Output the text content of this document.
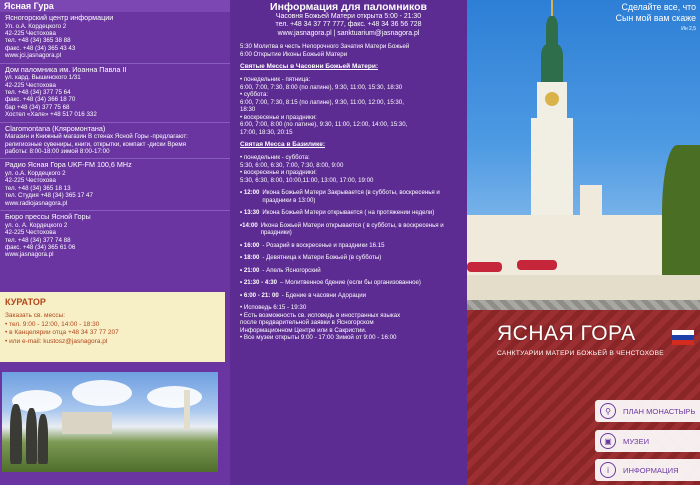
Ясная Гура
Ясногорский центр информации
Ул. о.А. Кордецкого 2
42-225 Честохова
тел. +48 (34) 365 38 88
факс. +48 (34) 365 43 43
www.jci.jasnagora.pl
Дом паломника им. Иоанна Павла II
ул. кард. Вышинского 1/31
42-225 Честохова
тел. +48 (34) 377 75 64
факс. +48 (34) 366 18 70
бар +48 (34) 377 75 68
Хостел «Хале» +48 517 016 332
Claromontana (Кляромонтана)
Магазин и Книжный магазин В стенах Ясной Горы -предлагают:
религиозные сувениры, книги, открытки, компакт -диски Время
работы: 8:00-18:00 зимой 8:00-17:00
Радио Ясная Гора UKF-FM 100,6 MHz
ул. о.А. Кордецкого 2
42-225 Честохова
тел. +48 (34) 365 18 13
тел. Студия +48 (34) 365 17 47
www.radiojasnagora.pl
Бюро прессы Ясной Горы
ул. о. А. Кордецкого 2
42-225 Честохова
тел. +48 (34) 377 74 88
факс. +48 (34) 365 61 06
www.jasnagora.pl
КУРАТОР
Заказать св. мессы:
• тел. 9:00 - 12:00, 14:00 - 18:30
• в Канцелярии отца +48 34 37 77 207
• или e-mail: kustosz@jasnagora.pl
Информация для паломников
Часовня Божьей Матери открыта 5:00 - 21:30
тел. +48 34 37 77 777, факс. +48 34 36 56 728
www.jasnagora.pl | sanktuarium@jasnagora.pl
5:30 Молитва в честь Непорочного Зачатия Матери Божьей
6:00 Открытие Иконы Божьей Матери
Святые Мессы в Часовни Божьей Матери:
• понедельник - пятница:
6:00, 7:00, 7:30, 8:00 (по латине), 9:30, 11:00, 15:30, 18:30
• суббота:
6:00, 7:00, 7:30, 8:15 (по латине), 9:30, 11:00, 12:00, 15:30,
18:30
• воскресенье и праздники:
6:00, 7:00, 8:00 (по латине), 9:30, 11:00, 12:00, 14:00, 15:30,
17:00, 18:30, 20:15
Святая Месса в Базилике:
• понедельник - суббота:
5:30, 6:00, 6:30, 7:00, 7:30, 8:00, 9:00
• воскресенье и праздники:
5:30, 6:30, 8:00, 10:00,11:00, 13:00, 17:00, 19:00
• 12:00 Икона Божьей Матери Закрывается (в субботы, воскресенья и праздники в 13:00)
• 13:30 Икона Божьей Матери открывается ( на протяжении недели)
•14:00 Икона Божьей Матери открывается ( в субботы, в воскресенья и праздники)
• 16:00 - Розарий в воскресенье и праздники 16.15
• 18:00 - Девятница к Матери Божьей (в субботы)
• 21:00 - Апель Ясногорский
• 21:30 - 4:30 – Молитвенное бдение (если бы организованное)
• 6:00 - 21: 00 - Бдение в часовни Адорации
• Исповедь 6:15 - 19:30
• Есть возможность св. исповедь в иностранных языках
после предварительной заявки в Ясногорском
Информационном Центре или в Сакристии.
• Все музеи открыты 9:00 - 17:00 Зимой от 9:00 - 16:00
Сделайте все, что
Сын мой вам скаже
Ин 2,5
ЯСНАЯ ГОРА
САНКТУАРИИ МАТЕРИ БОЖЬЕЙ В ЧЕНСТОХОВЕ
⚲	ПЛАН МОНАСТЫРЬ
▣	МУЗЕИ
i	ИНФОРМАЦИЯ
